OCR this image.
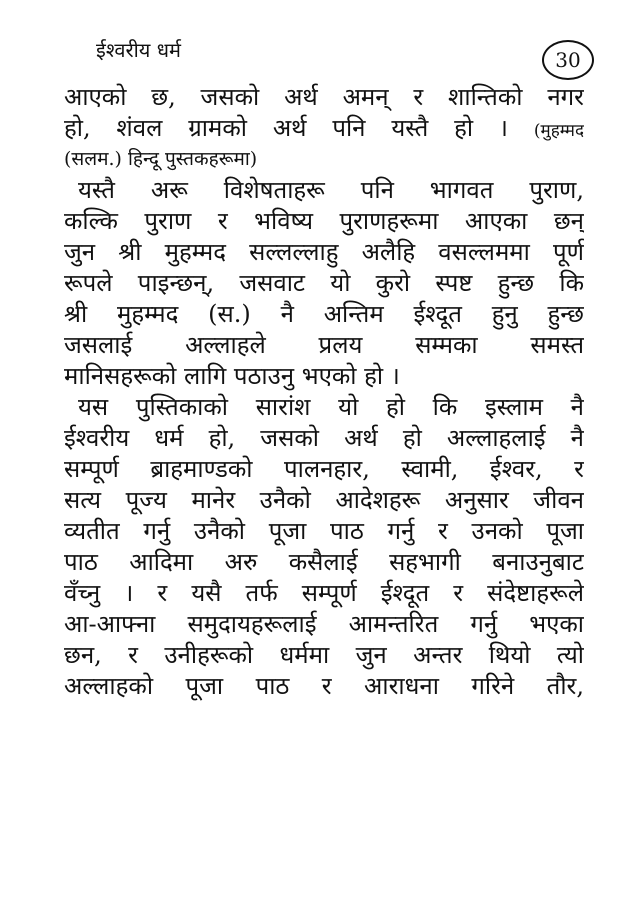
ईश्वरीय धर्म	30
आएको छ, जसको अर्थ अमन् र शान्तिको नगर
हो, शंवल ग्रामको अर्थ पनि यस्तै हो । (मुहम्मद
(सलम.) हिन्दू पुस्तकहरूमा)
यस्तै अरू विशेषताहरू पनि भागवत पुराण,
कल्कि पुराण र भविष्य पुराणहरूमा आएका छन्
जुन श्री मुहम्मद सल्लल्लाहु अलैहि वसल्लममा पूर्ण
रूपले पाइन्छन्, जसवाट यो कुरो स्पष्ट हुन्छ कि
श्री मुहम्मद (स.) नै अन्तिम ईश्दूत हुनु हुन्छ
जसलाई अल्लाहले प्रलय सम्मका समस्त
मानिसहरूको लागि पठाउनु भएको हो ।
यस पुस्तिकाको सारांश यो हो कि इस्लाम नै
ईश्वरीय धर्म हो, जसको अर्थ हो अल्लाहलाई नै
सम्पूर्ण ब्राहमाण्डको पालनहार, स्वामी, ईश्वर, र
सत्य पूज्य मानेर उनैको आदेशहरू अनुसार जीवन
व्यतीत गर्नु उनैको पूजा पाठ गर्नु र उनको पूजा
पाठ आदिमा अरु कसैलाई सहभागी बनाउनुबाट
वँच्नु । र यसै तर्फ सम्पूर्ण ईश्दूत र संदेष्टाहरूले
आ-आफ्ना समुदायहरूलाई आमन्तरित गर्नु भएका
छन, र उनीहरूको धर्ममा जुन अन्तर थियो त्यो
अल्लाहको पूजा पाठ र आराधना गरिने तौर,
